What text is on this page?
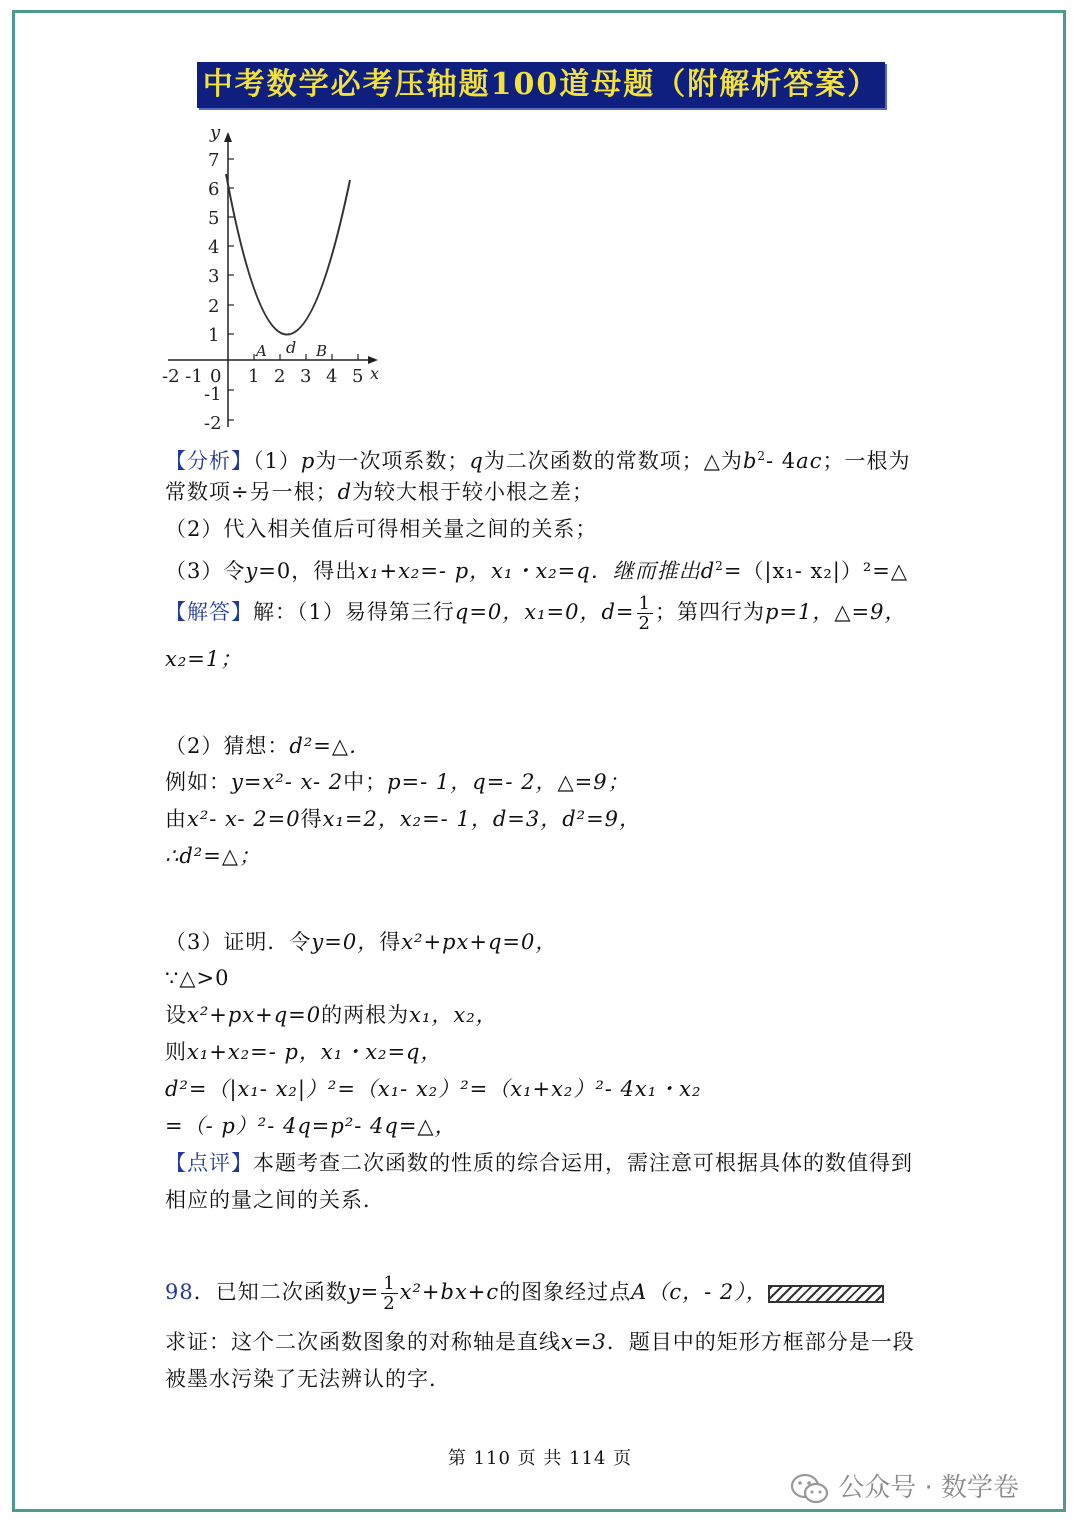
中考数学必考压轴题100道母题（附解析答案）
y
x
7
6
5
4
3
2
1
-1
-2
-2 -1 0 1 2 3 4 5
A d B
【分析】（1）p为一次项系数；q为二次函数的常数项；△为$b^2-$ 4ac；一根为
常数项÷另一根；d为较大根于较小根之差；
（2）代入相关值后可得相关量之间的关系；
（3）令y=0，得出x₁+x₂=- p，x₁・x₂=q．继而推出$d^2=(|x_1-$ x₂|）²=△
【解答】解：（1）易得第三行q=0，x₁=0，$d= \frac{1}{2}$ ；第四行为p=1，△=9，
x₂=1；
（2）猜想：d²=△．
例如：y=x²- x- 2中；p=- 1，q=- 2，△=9；
由x²- x- 2=0得x₁=2，x₂=- 1，d=3，d²=9，
∴d²=△；
（3）证明．令y=0，得x²+px+q=0，
∵△>0
设x²+px+q=0的两根为x₁，x₂，
则x₁+x₂=- p，x₁・x₂=q，
d²=（|x₁- x₂|）²=（x₁- x₂）²=（x₁+x₂）²- 4x₁・x₂
=（- p）²- 4q=p²- 4q=△，
【点评】本题考查二次函数的性质的综合运用，需注意可根据具体的数值得到
相应的量之间的关系．
98．已知二次函数$y= \frac{1}{2} x^2+bx+c$的图象经过点A（c，- 2），
求证：这个二次函数图象的对称轴是直线x=3．题目中的矩形方框部分是一段
被墨水污染了无法辨认的字．
第 110 页 共 114 页
公众号 · 数学卷
